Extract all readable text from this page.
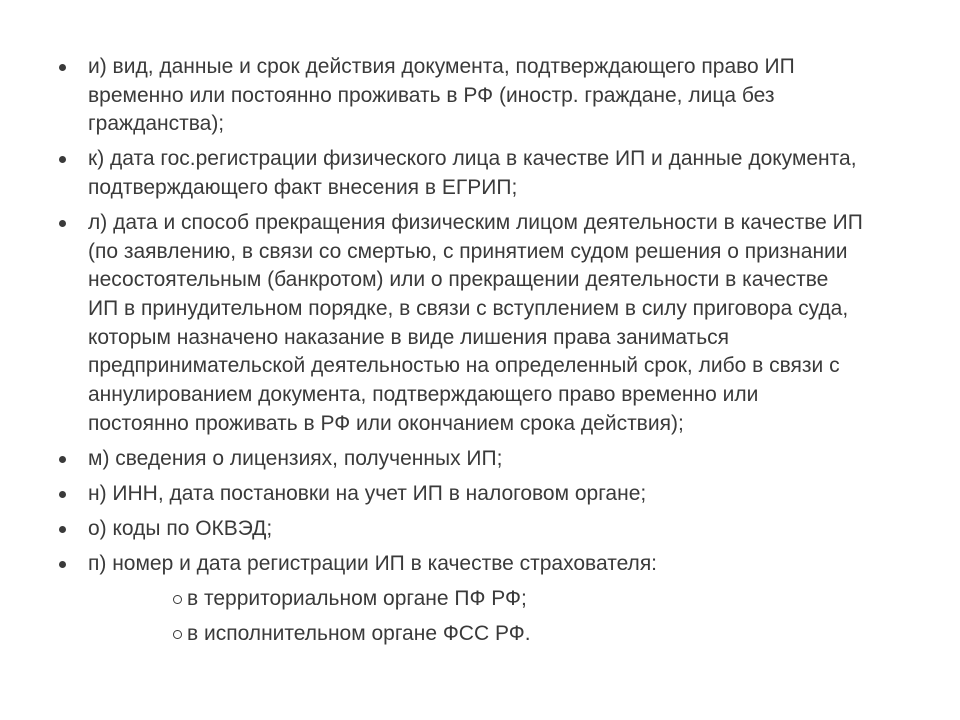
и) вид, данные и срок действия документа, подтверждающего право ИП
временно или постоянно проживать в РФ (иностр. граждане, лица без
гражданства);
к) дата гос.регистрации физического лица в качестве ИП и данные документа,
подтверждающего факт внесения в ЕГРИП;
л) дата и способ прекращения физическим лицом деятельности в качестве ИП
(по заявлению, в связи со смертью, с принятием судом решения о признании
несостоятельным (банкротом) или о прекращении деятельности в качестве
ИП в принудительном порядке, в связи с вступлением в силу приговора суда,
которым назначено наказание в виде лишения права заниматься
предпринимательской деятельностью на определенный срок, либо в связи с
аннулированием документа, подтверждающего право временно или
постоянно проживать в РФ или окончанием срока действия);
м) сведения о лицензиях, полученных ИП;
н) ИНН, дата постановки на учет ИП в налоговом органе;
о) коды по ОКВЭД;
п) номер и дата регистрации ИП в качестве страхователя:
в территориальном органе ПФ РФ;
в исполнительном органе ФСС РФ.
